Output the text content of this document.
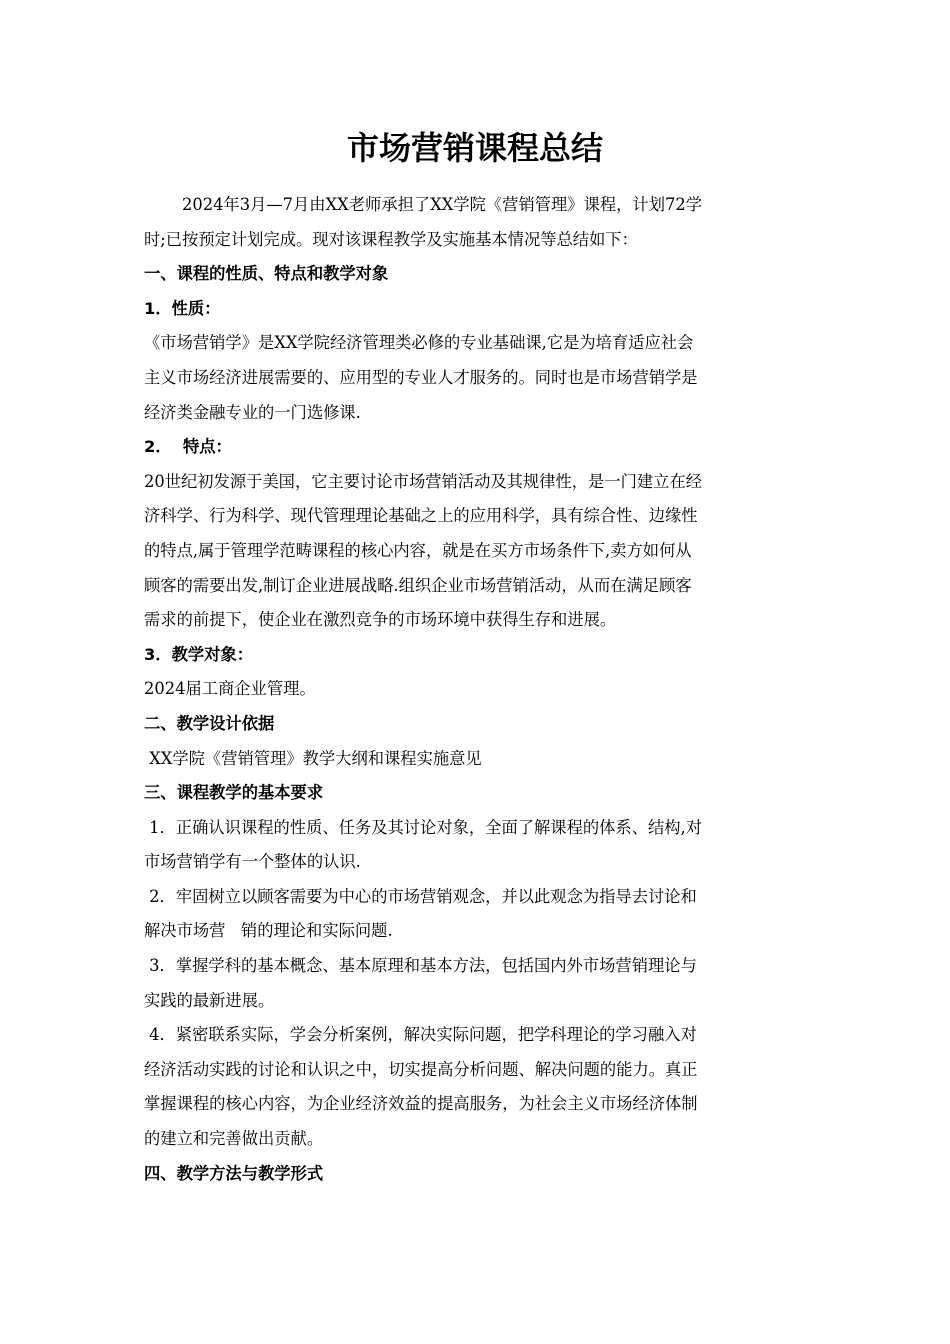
市场营销课程总结

2024年3月—7月由XX老师承担了XX学院《营销管理》课程，计划72学

时;已按预定计划完成。现对该课程教学及实施基本情况等总结如下：

一、课程的性质、特点和教学对象

1．性质：

《市场营销学》是XX学院经济管理类必修的专业基础课,它是为培育适应社会

主义市场经济进展需要的、应用型的专业人才服务的。同时也是市场营销学是

经济类金融专业的一门选修课.

2．  特点：

20世纪初发源于美国，它主要讨论市场营销活动及其规律性，是一门建立在经

济科学、行为科学、现代管理理论基础之上的应用科学，具有综合性、边缘性

的特点,属于管理学范畴课程的核心内容，就是在买方市场条件下,卖方如何从

顾客的需要出发,制订企业进展战略.组织企业市场营销活动，从而在满足顾客

需求的前提下，使企业在激烈竞争的市场环境中获得生存和进展。

3．教学对象：

2024届工商企业管理。

二、教学设计依据

XX学院《营销管理》教学大纲和课程实施意见

三、课程教学的基本要求

1．正确认识课程的性质、任务及其讨论对象，全面了解课程的体系、结构,对

市场营销学有一个整体的认识.

2．牢固树立以顾客需要为中心的市场营销观念，并以此观念为指导去讨论和

解决市场营   销的理论和实际问题.

3．掌握学科的基本概念、基本原理和基本方法，包括国内外市场营销理论与

实践的最新进展。

4．紧密联系实际，学会分析案例，解决实际问题，把学科理论的学习融入对

经济活动实践的讨论和认识之中，切实提高分析问题、解决问题的能力。真正

掌握课程的核心内容，为企业经济效益的提高服务，为社会主义市场经济体制

的建立和完善做出贡献。

四、教学方法与教学形式
